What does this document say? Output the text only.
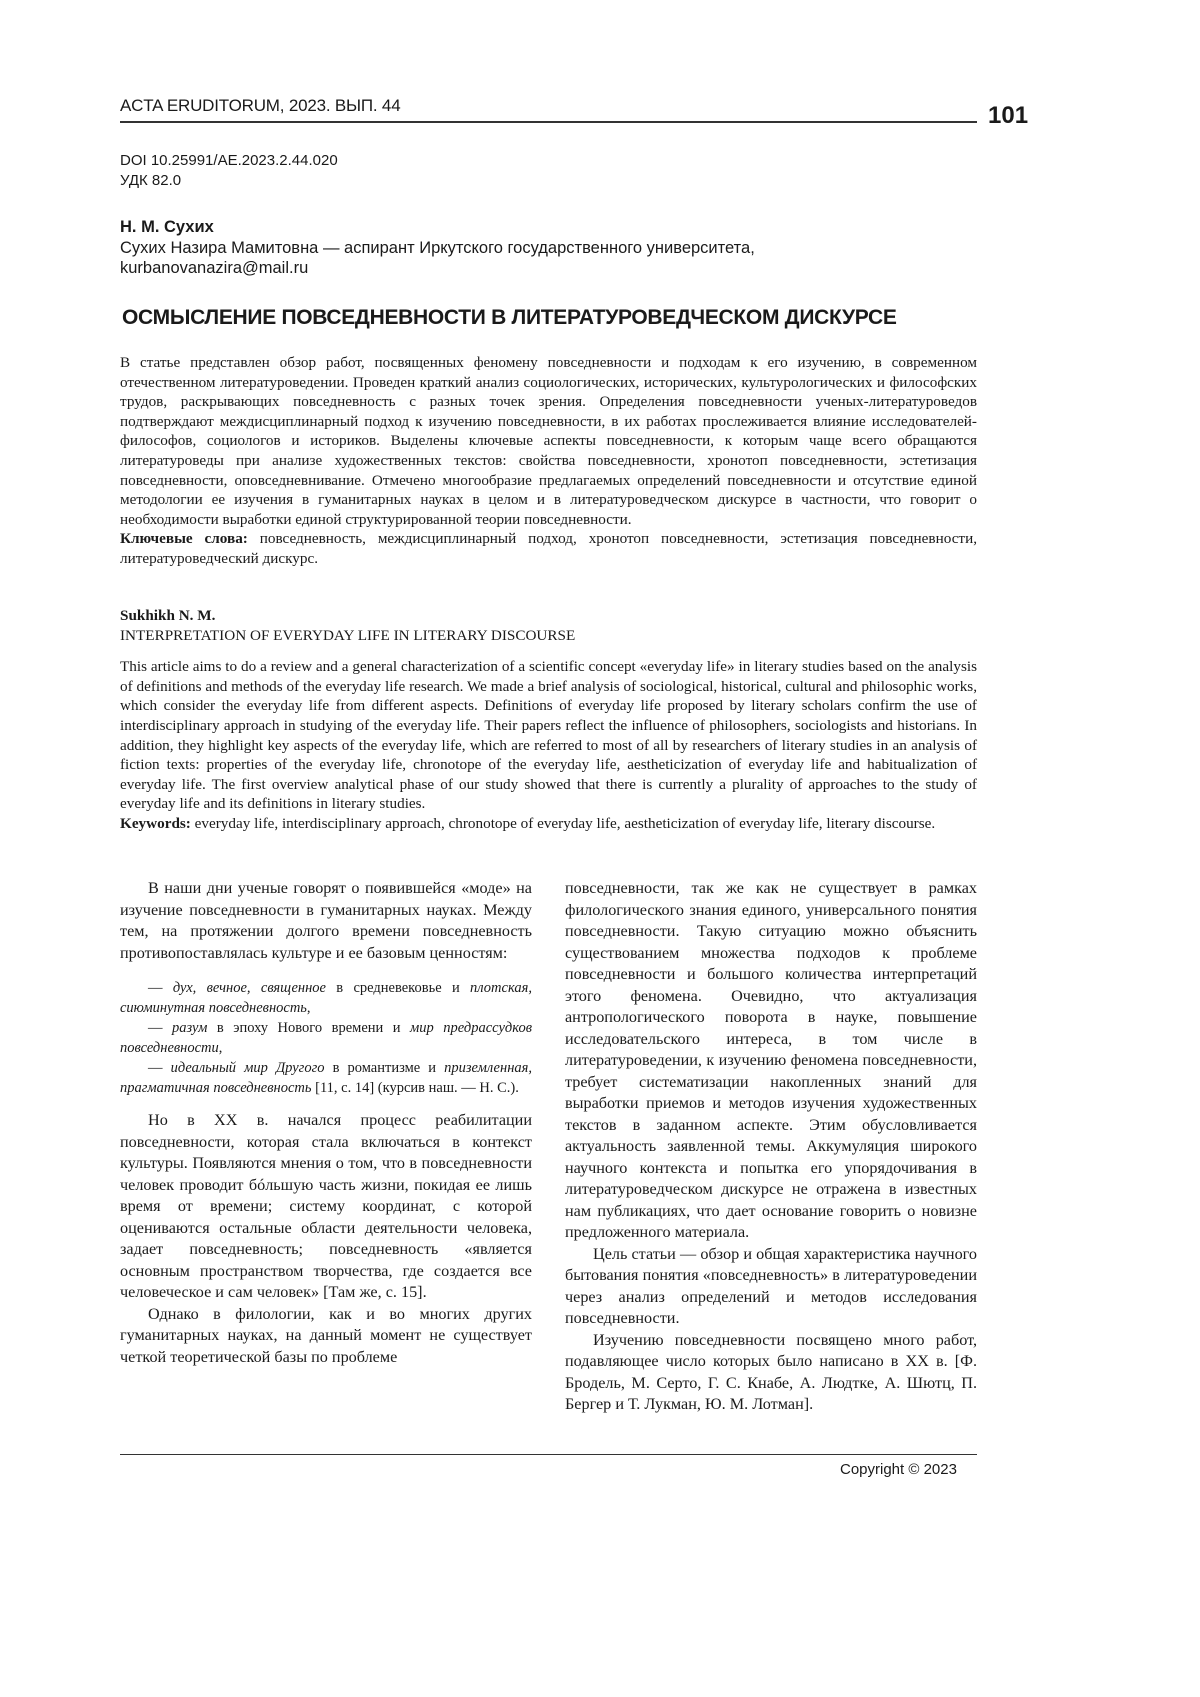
ACTA ERUDITORUM, 2023. ВЫП. 44	101
DOI 10.25991/AE.2023.2.44.020
УДК 82.0
Н. М. Сухих
Сухих Назира Мамитовна — аспирант Иркутского государственного университета,
kurbanovanazira@mail.ru
ОСМЫСЛЕНИЕ ПОВСЕДНЕВНОСТИ В ЛИТЕРАТУРОВЕДЧЕСКОМ ДИСКУРСЕ

В статье представлен обзор работ, посвященных феномену повседневности и подходам к его изучению, в современном отечественном литературоведении. Проведен краткий анализ социологических, исторических, культурологических и философских трудов, раскрывающих повседневность с разных точек зрения. Определения повседневности ученых-литературоведов подтверждают междисциплинарный подход к изучению повседневности, в их работах прослеживается влияние исследователей-философов, социологов и историков. Выделены ключевые аспекты повседневности, к которым чаще всего обращаются литературоведы при анализе художественных текстов: свойства повседневности, хронотоп повседневности, эстетизация повседневности, оповседневнивание. Отмечено многообразие предлагаемых определений повседневности и отсутствие единой методологии ее изучения в гуманитарных науках в целом и в литературоведческом дискурсе в частности, что говорит о необходимости выработки единой структурированной теории повседневности.

Ключевые слова: повседневность, междисциплинарный подход, хронотоп повседневности, эстетизация повседневности, литературоведческий дискурс.

Sukhikh N. M.

INTERPRETATION OF EVERYDAY LIFE IN LITERARY DISCOURSE

This article aims to do a review and a general characterization of a scientific concept «everyday life» in literary studies based on the analysis of definitions and methods of the everyday life research. We made a brief analysis of sociological, historical, cultural and philosophic works, which consider the everyday life from different aspects. Definitions of everyday life proposed by literary scholars confirm the use of interdisciplinary approach in studying of the everyday life. Their papers reflect the influence of philosophers, sociologists and historians. In addition, they highlight key aspects of the everyday life, which are referred to most of all by researchers of literary studies in an analysis of fiction texts: properties of the everyday life, chronotope of the everyday life, aestheticization of everyday life and habitualization of everyday life. The first overview analytical phase of our study showed that there is currently a plurality of approaches to the study of everyday life and its definitions in literary studies.

Keywords: everyday life, interdisciplinary approach, chronotope of everyday life, aestheticization of everyday life, literary discourse.

В наши дни ученые говорят о появившейся «моде» на изучение повседневности в гуманитарных науках. Между тем, на протяжении долгого времени повседневность противопоставлялась культуре и ее базовым ценностям:

— дух, вечное, священное в средневековье и плотская, сиюминутная повседневность,

— разум в эпоху Нового времени и мир предрассудков повседневности,

— идеальный мир Другого в романтизме и приземленная, прагматичная повседневность [11, с. 14] (курсив наш. — Н. С.).

Но в XX в. начался процесс реабилитации повседневности, которая стала включаться в контекст культуры. Появляются мнения о том, что в повседневности человек проводит бóльшую часть жизни, покидая ее лишь время от времени; систему координат, с которой оцениваются остальные области деятельности человека, задает повседневность; повседневность «является основным пространством творчества, где создается все человеческое и сам человек» [Там же, с. 15].

Однако в филологии, как и во многих других гуманитарных науках, на данный момент не существует четкой теоретической базы по проблеме

повседневности, так же как не существует в рамках филологического знания единого, универсального понятия повседневности. Такую ситуацию можно объяснить существованием множества подходов к проблеме повседневности и большого количества интерпретаций этого феномена. Очевидно, что актуализация антропологического поворота в науке, повышение исследовательского интереса, в том числе в литературоведении, к изучению феномена повседневности, требует систематизации накопленных знаний для выработки приемов и методов изучения художественных текстов в заданном аспекте. Этим обусловливается актуальность заявленной темы. Аккумуляция широкого научного контекста и попытка его упорядочивания в литературоведческом дискурсе не отражена в известных нам публикациях, что дает основание говорить о новизне предложенного материала.

Цель статьи — обзор и общая характеристика научного бытования понятия «повседневность» в литературоведении через анализ определений и методов исследования повседневности.

Изучению повседневности посвящено много работ, подавляющее число которых было написано в XX в. [Ф. Бродель, М. Серто, Г. С. Кнабе, А. Людтке, А. Шютц, П. Бергер и Т. Лукман, Ю. М. Лотман].

Copyright © 2023
